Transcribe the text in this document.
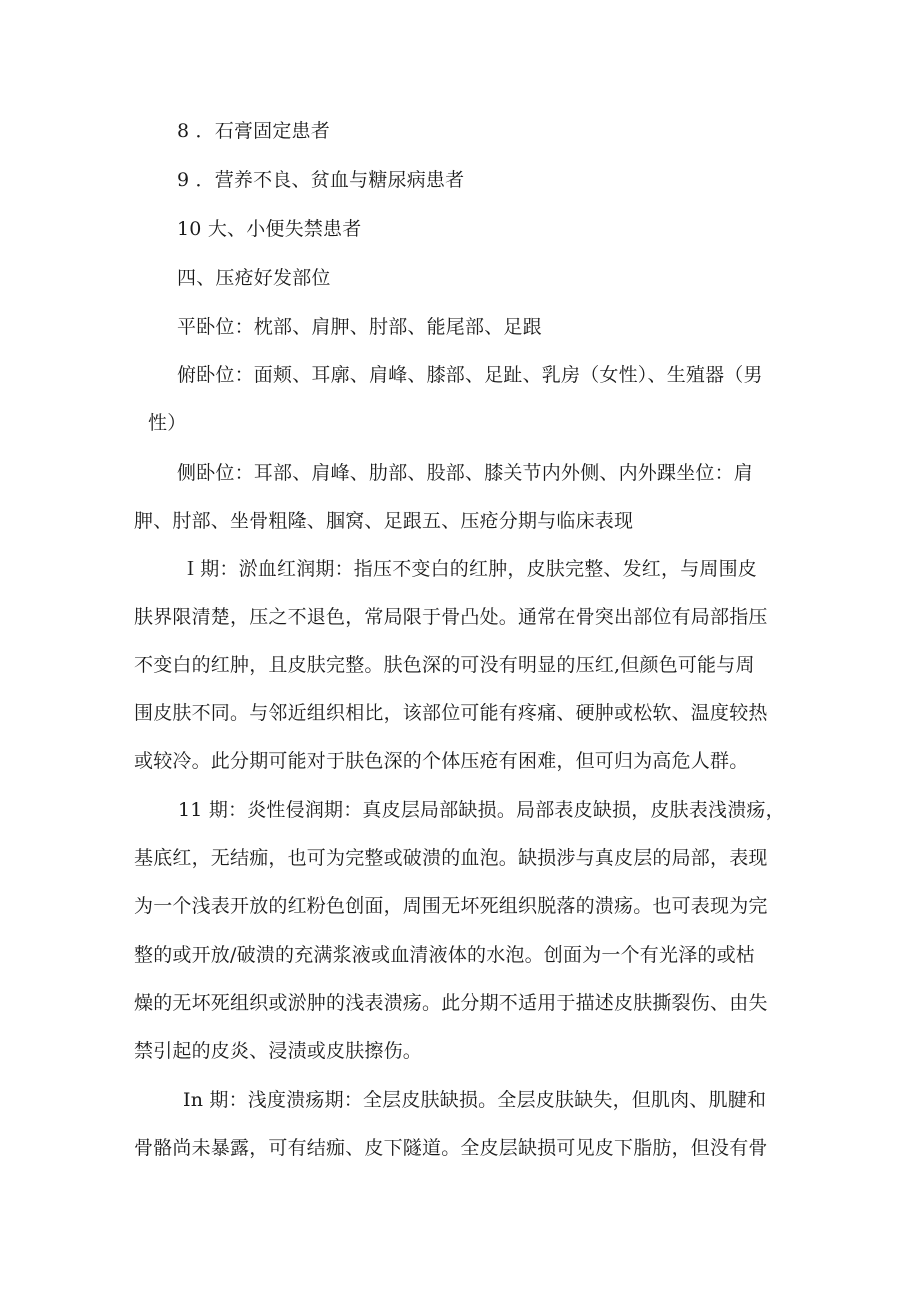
8 ．石膏固定患者

9 ．营养不良、贫血与糖尿病患者

10 大、小便失禁患者

四、压疮好发部位

平卧位：枕部、肩胛、肘部、能尾部、足跟

俯卧位：面颊、耳廓、肩峰、膝部、足趾、乳房（女性）、生殖器（男

性）

侧卧位：耳部、肩峰、肋部、股部、膝关节内外侧、内外踝坐位：肩

胛、肘部、坐骨粗隆、腘窝、足跟五、压疮分期与临床表现

Ｉ期：淤血红润期：指压不变白的红肿，皮肤完整、发红，与周围皮

肤界限清楚，压之不退色，常局限于骨凸处。通常在骨突出部位有局部指压

不变白的红肿，且皮肤完整。肤色深的可没有明显的压红,但颜色可能与周

围皮肤不同。与邻近组织相比，该部位可能有疼痛、硬肿或松软、温度较热

或较冷。此分期可能对于肤色深的个体压疮有困难，但可归为高危人群。

11 期：炎性侵润期：真皮层局部缺损。局部表皮缺损，皮肤表浅溃疡，

基底红，无结痂，也可为完整或破溃的血泡。缺损涉与真皮层的局部，表现

为一个浅表开放的红粉色创面，周围无坏死组织脱落的溃疡。也可表现为完

整的或开放/破溃的充满浆液或血清液体的水泡。创面为一个有光泽的或枯

燥的无坏死组织或淤肿的浅表溃疡。此分期不适用于描述皮肤撕裂伤、由失

禁引起的皮炎、浸渍或皮肤擦伤。

In 期：浅度溃疡期：全层皮肤缺损。全层皮肤缺失，但肌肉、肌腱和

骨骼尚未暴露，可有结痂、皮下隧道。全皮层缺损可见皮下脂肪，但没有骨
